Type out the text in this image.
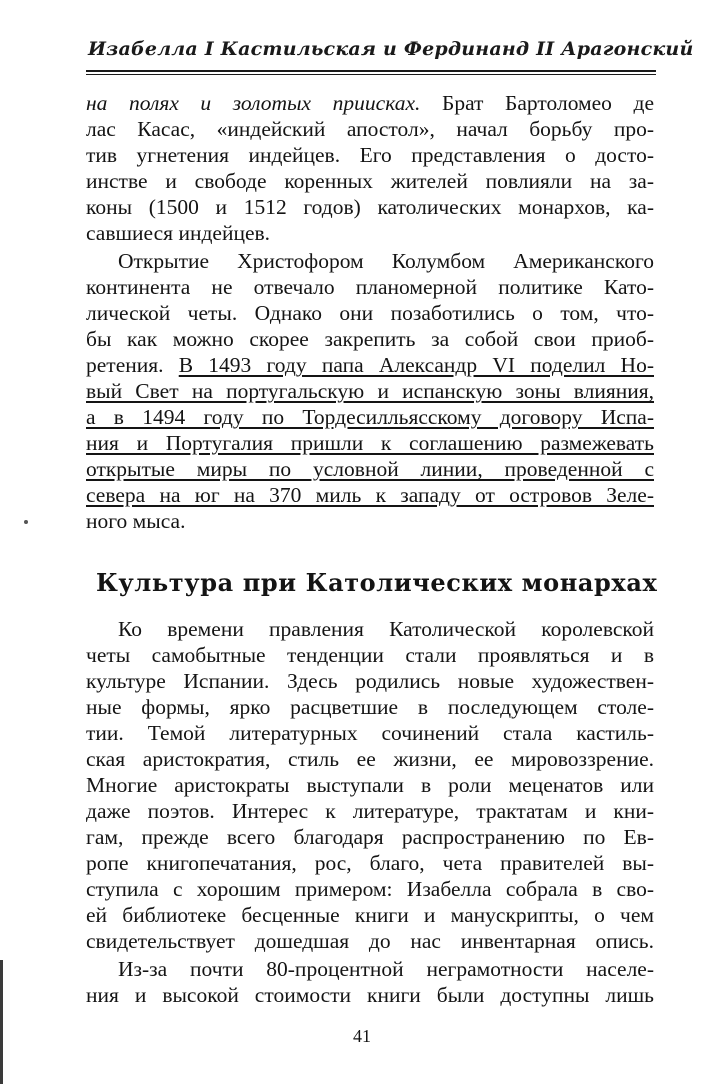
Изабелла I Кастильская и Фердинанд II Арагонский
на полях и золотых приисках. Брат Бартоломео де
лас Касас, «индейский апостол», начал борьбу про-
тив угнетения индейцев. Его представления о досто-
инстве и свободе коренных жителей повлияли на за-
коны (1500 и 1512 годов) католических монархов, ка-
савшиеся индейцев.
Открытие Христофором Колумбом Американского
континента не отвечало планомерной политике Като-
лической четы. Однако они позаботились о том, что-
бы как можно скорее закрепить за собой свои приоб-
ретения. В 1493 году папа Александр VI поделил Но-
вый Свет на португальскую и испанскую зоны влияния,
а в 1494 году по Тордесилльясскому договору Испа-
ния и Португалия пришли к соглашению размежевать
открытые миры по условной линии, проведенной с
севера на юг на 370 миль к западу от островов Зеле-
ного мыса.
Культура при Католических монархах
Ко времени правления Католической королевской
четы самобытные тенденции стали проявляться и в
культуре Испании. Здесь родились новые художествен-
ные формы, ярко расцветшие в последующем столе-
тии. Темой литературных сочинений стала кастиль-
ская аристократия, стиль ее жизни, ее мировоззрение.
Многие аристократы выступали в роли меценатов или
даже поэтов. Интерес к литературе, трактатам и кни-
гам, прежде всего благодаря распространению по Ев-
ропе книгопечатания, рос, благо, чета правителей вы-
ступила с хорошим примером: Изабелла собрала в сво-
ей библиотеке бесценные книги и манускрипты, о чем
свидетельствует дошедшая до нас инвентарная опись.
Из-за почти 80-процентной неграмотности населе-
ния и высокой стоимости книги были доступны лишь
41
